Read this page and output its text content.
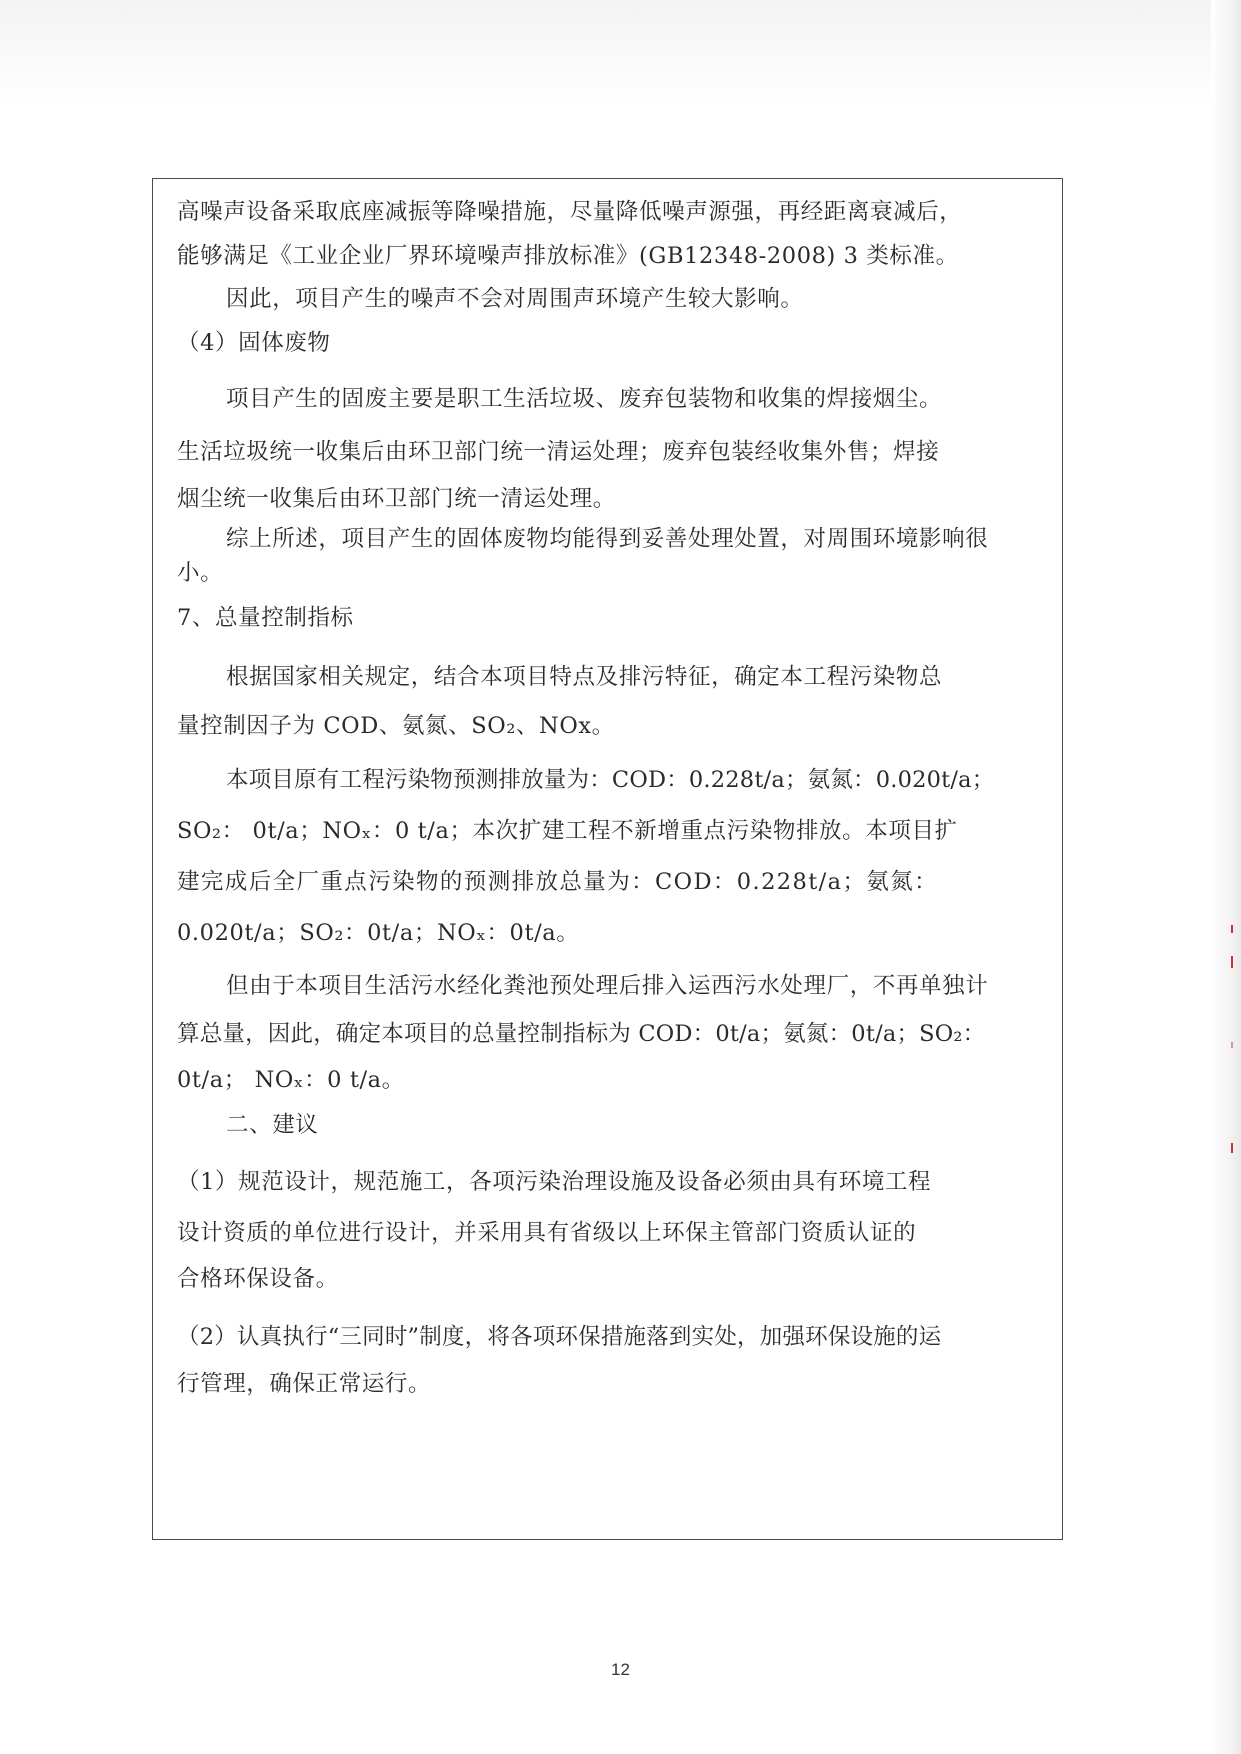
高噪声设备采取底座减振等降噪措施，尽量降低噪声源强，再经距离衰减后，
能够满足《工业企业厂界环境噪声排放标准》(GB12348-2008) 3 类标准。
因此，项目产生的噪声不会对周围声环境产生较大影响。
（4）固体废物
项目产生的固废主要是职工生活垃圾、废弃包装物和收集的焊接烟尘。
生活垃圾统一收集后由环卫部门统一清运处理；废弃包装经收集外售；焊接
烟尘统一收集后由环卫部门统一清运处理。
综上所述，项目产生的固体废物均能得到妥善处理处置，对周围环境影响很
小。
7、总量控制指标
根据国家相关规定，结合本项目特点及排污特征，确定本工程污染物总
量控制因子为 COD、氨氮、SO₂、NOx。
本项目原有工程污染物预测排放量为：COD：0.228t/a；氨氮：0.020t/a；
SO₂： 0t/a；NOₓ：0 t/a；本次扩建工程不新增重点污染物排放。本项目扩
建完成后全厂重点污染物的预测排放总量为：COD：0.228t/a；氨氮：
0.020t/a；SO₂：0t/a；NOₓ：0t/a。
但由于本项目生活污水经化粪池预处理后排入运西污水处理厂，不再单独计
算总量，因此，确定本项目的总量控制指标为 COD：0t/a；氨氮：0t/a；SO₂：
0t/a； NOₓ：0 t/a。
二、建议
（1）规范设计，规范施工，各项污染治理设施及设备必须由具有环境工程
设计资质的单位进行设计，并采用具有省级以上环保主管部门资质认证的
合格环保设备。
（2）认真执行“三同时”制度，将各项环保措施落到实处，加强环保设施的运
行管理，确保正常运行。
12
